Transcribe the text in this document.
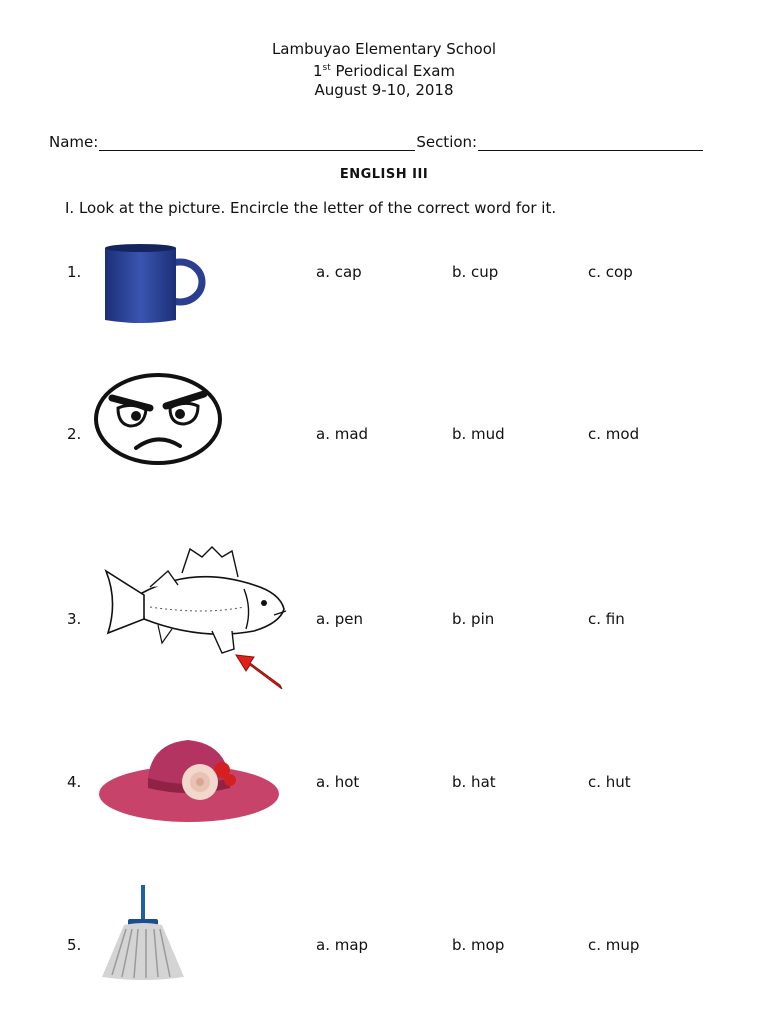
Lambuyao Elementary School
1st Periodical Exam
August 9-10, 2018
Name:	Section:
ENGLISH III
I. Look at the picture. Encircle the letter of the correct word for it.
1.	a. cap	b. cup	c. cop
2.	a. mad	b. mud	c. mod
3.	a. pen	b. pin	c. fin
4.	a. hot	b. hat	c. hut
5.	a. map	b. mop	c. mup
